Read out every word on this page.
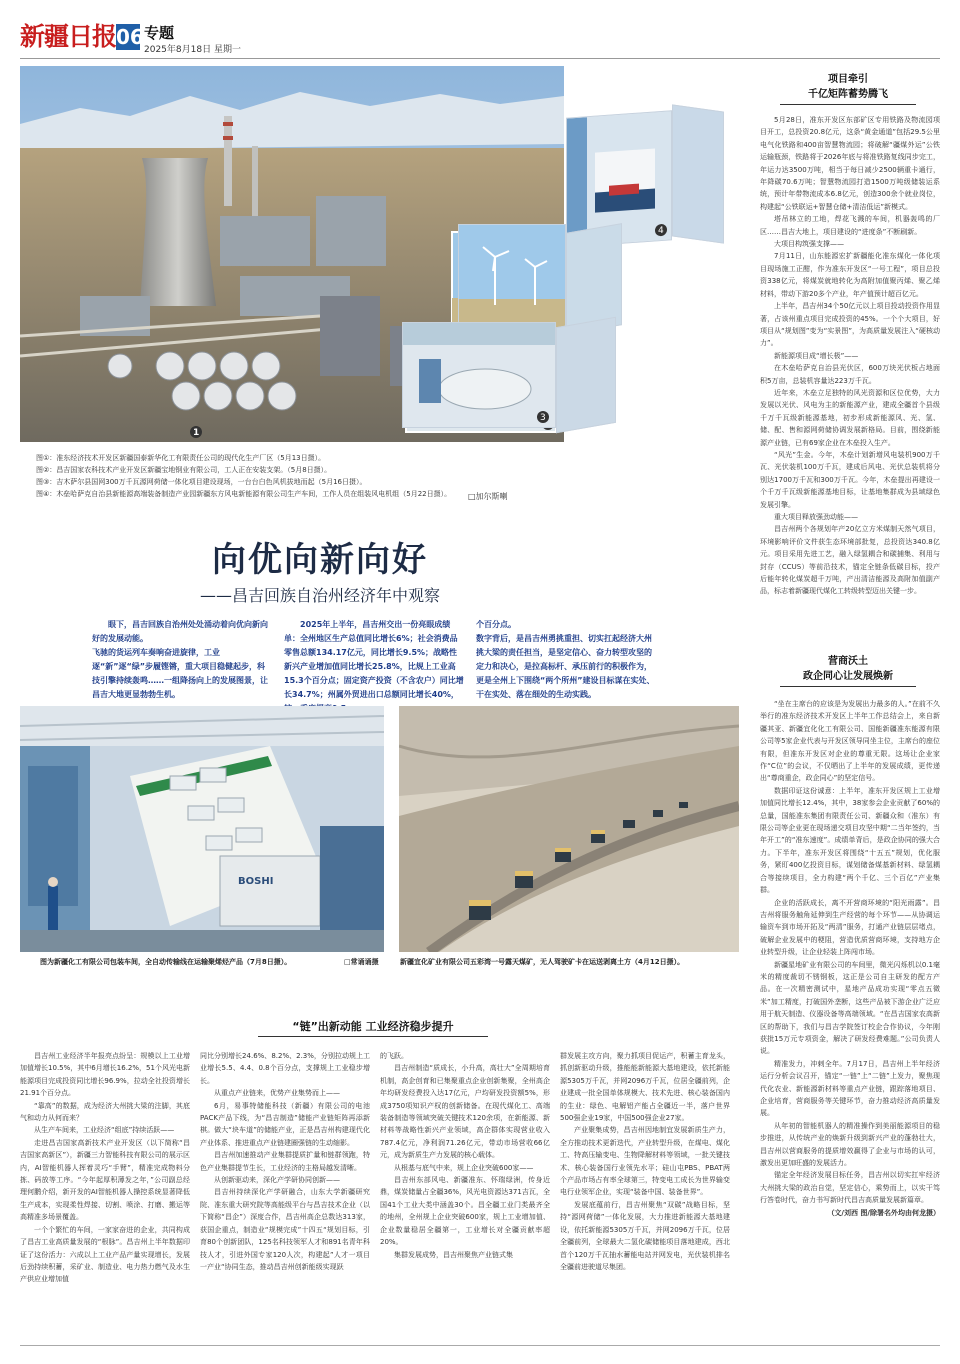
新疆日报 06 专题
2025年8月18日 星期一
1
4
3
图①：准东经济技术开发区新疆国泰新华化工有限责任公司的现代化生产厂区（5月13日摄）。
图②：昌吉国家农科技术产业开发区新疆宝地钢业有限公司，工人正在安装支架。（5月8日摄）。
图③：吉木萨尔县国网300万千瓦源网荷储一体化项目建设现场，一台台白色风机拔地而起（5月16日摄）。
图④：木垒哈萨克自治县新能源高端装备制造产业园新疆东方风电新能源有限公司生产车间，工作人员在组装风电机组（5月22日摄）。	□加尔斯喇
向优向新向好
——昌吉回族自治州经济年中观察

眼下，昌吉回族自治州处处涌动着向优向新向好的发展动能。
飞驰的货运列车奏响奋进旋律，工业逐“新”逐“绿”步履铿锵，重大项目稳健起步，科技引擎持续轰鸣……一组降扬向上的发展图景，让昌吉大地更显勃勃生机。

2025年上半年，昌吉州交出一份亮眼成绩单：全州地区生产总值同比增长6%；社会消费品零售总额134.17亿元，同比增长9.5%；战略性新兴产业增加值同比增长25.8%，比规上工业高15.3个百分点；固定资产投资（不含农户）同比增长34.7%；州属外贸进出口总额同比增长40%，

个百分点。
数字背后，是昌吉州勇挑重担、切实扛起经济大州挑大梁的责任担当，是坚定信心、奋力转型攻坚的定力和决心，是拉高标杆、承压前行的积极作为，更是全州上下围绕“两个所州”建设目标谋在实处、干在实处、落在细处的生动实践。

BOSHI
图为新疆化工有限公司包装车间，全自动传输线在运输聚烯烃产品（7月8日摄）。	□常诵诵摄	新疆宜化矿业有限公司五彩湾一号露天煤矿，无人驾驶矿卡在运送剥离土方（4月12日摄）。
“链”出新动能 工业经济稳步提升

昌吉州工业经济半年报亮点纷呈：规模以上工业增加值增长10.5%，其中6月增长16.2%，51个风光电新能源项目完成投资同比增长96.9%，拉动全社投资增长21.91个百分点。

“靠高”的数据，成为经济大州挑大梁的注脚，其底气和动力从何而来？

从生产车间来，工业经济“组底”持续活跃——

走进昌吉国家高新技术产业开发区（以下简称“昌吉国家高新区”），新疆三力智能科技有限公司的展示区内，AI智能机器人挥着灵巧“手臂”，精准完成物料分拣、码放等工序。“今年起厚积薄发之年，”公司副总经理何鹏介绍，新开发的AI智能机器人操控系统显著降低生产成本，实现柔性焊接、切割、喷涂、打磨、搬运等高精准多场景覆盖。

一个个繁忙的车间，一家家奋进的企业，共同构成了昌吉工业高质量发展的“根脉”。昌吉州上半年数据印证了这份活力：六成以上工业产品产量实现增长，发展后劲持续积蓄，采矿业、制造业、电力热力燃气及水生产供应业增加值

同比分别增长24.6%、8.2%、2.3%，分别拉动规上工业增长5.5、4.4、0.8个百分点，支撑规上工业稳步增长。

从重点产业链来，优势产业集势而上——

6月，易事特储能科技（新疆）有限公司的电池PACK产品下线，为“昌吉制造”储能产业链矩阵再添新棋。做大“块车道”的储能产业，正是昌吉州构建现代化产业体系、推进重点产业链建圈强链的生动缩影。

昌吉州加速推动产业集群提质扩量和链群领跑，特色产业集群提节生长，工业经济的主格局越发清晰。

从创新驱动来，深化产学研协同创新——

昌吉州持续深化产学研融合，山东大学新疆研究院、准东重大研究院等高能级平台与昌吉技术企业（以下简称“昌企”）深度合作，昌吉州高企总数达313家，获国企重点，制造业“规模完成”十四五“规划目标，引育80个创新团队，125名科技领军人才和891名青年科技人才，引进外国专家120人次，构建起”人才一项目一产业“协同生态，推动昌吉州创新能级实现跃

的飞跃。

昌吉州制造“质成长，小升高，高壮大”全周期培育机制，高企创育和已集聚重点企业创新集聚，全州高企年均研发经费投入达17亿元，户均研发投资额5%，形成3750项知识产权的创新储备。在现代煤化工、高端装备制造等领域突破关键技术120余项，在新能源、新材料等战略性新兴产业领域，高企群体实现营业收入787.4亿元，净利润71.26亿元，带动市场营收66亿元，成为新质生产力发展的核心载体。

从根基与底气中来，规上企业突破600家——

昌吉州东部风电、新疆准东、怀瑞绿洲，传身近鼎，煤炭储量占全疆36%，风光电资源达371吉瓦，全国41个工业大类中涵盖30个。昌全疆工业门类最齐全的地州，全州规上企业突破600家，规上工业增加值、企业数量稳居全疆第一，工业增长对全疆贡献率超20%。

集群发展成势，昌吉州聚焦产业链式集

群发展主攻方向，聚力抓项目促运产，积蓄主育龙头，抓创新驱动升级，推能能新能源大基地建设，依托新能源5305万千瓦，并网2096万千瓦，位居全疆前列，企业建成一批全国单体规模大、技术先进、核心装备国内的生业：绿色、电解铝产能占全疆近一半，落户世界500强企业19家，中国500强企业27家。

产业聚集成势，昌吉州因地制宜发展新质生产力，全方推动技术更新迭代，产业转型升级，在煤电、煤化工、特高压输变电、生物降解材料等领域，一批关键技术、核心装备国行业领先水平；硅山屯PBS、PBAT两个产品市场占有率全球第三，特变电工成长为世界输变电行业领军企业，实现“装备中国、装备世界”。

发展底蕴前行，昌吉州聚焦“双碳”战略目标，坚持“源网荷储”一体化发展，大力推进新能源大基地建设，依托新能源5305万千瓦，并网2096万千瓦，位居全疆前列，全球最大二氢化碳储能项目落地建成，西北首个120万千瓦抽水蓄能电站并网发电，光伏装机排名全疆前进驶道尽集团。

项目牵引
千亿矩阵蓄势腾飞

5月28日，准东开发区东部矿区专用铁路及物流园项目开工，总投资20.8亿元，这条“黄金通道”包括29.5公里电气化铁路和400亩智慧物流园；将破解“疆煤外运”公铁运输瓶颈，铁路将于2026年底与将准铁路复线同步完工，年运力达3500万吨，相当于每日减少2500辆重卡通行，年降碳70.6万吨；智慧物流园打造1500万吨级储装运系统，预计年带物流成本6.8亿元，创造300余个就业岗位，构建起“公铁联运+智慧仓储+清洁低运”新模式。

塔吊林立的工地，焊花飞溅的车间，机器轰鸣的厂区……昌吉大地上，项目建设的“进度条”不断刷新。

大项目构筑强支撑——

7月11日，山东能源宏扩新疆能化准东煤化一体化项目现场施工正酣，作为准东开发区“一号工程”，项目总投资338亿元，将煤炭就地转化为高附加值聚丙烯、聚乙烯材料，带动下游20多个产业，年产值预计超百亿元。

上半年，昌吉州34个50亿元以上项目投动投资作用显著，占该州重点项目完成投资的45%。一个个大项目，好项目从“规划图”变为“实景图”，为高质量发展注入“硬核动力”。

新能源项目成“增长极”——

在木垒哈萨克自治县光伏区，600万块光伏板占地面积5万亩，总装机容量达223万千瓦。

近年来，木垒立足独特的风光资源和区位优势，大力发展以光伏、风电为主的新能源产业，建成全疆首个县级千万千瓦级新能源基地，初步形成新能源风、光、氢、储、配、售和源网荷储协调发展新格局。目前，围绕新能源产业链，已有69家企业在木垒投入生产。

“风光”生金。今年，木垒计划新增风电装机900万千瓦、光伏装机100万千瓦，建成后风电、光伏总装机将分别达1700万千瓦和300万千瓦。今年，木垒提出再建设一个千万千瓦级新能源基地目标，让基地集群成为县域绿色发展引擎。

重大项目释放强劲动能——

昌吉州两个各规划年产20亿立方米煤制天然气项目，环境影响评价文件获生态环境部批复，总投资达340.8亿元。项目采用先进工艺，融入绿氢耦合和碳捕集、利用与封存（CCUS）等前沿技术，锚定全链条低碳目标，投产后能年转化煤炭超千万吨，产出清洁能源及高附加值副产品，标志着新疆现代煤化工转级转型迈出关键一步。

营商沃土
政企同心让发展焕新

“坐在主席台的应该是为发展出力最多的人。”在前不久举行的准东经济技术开发区上半年工作总结会上，来自新疆其亚、新疆宜化化工有限公司、国能新疆准东能源有限公司等5家企业代表与开发区领导同坐主位，主席台的座位有限，但准东开发区对企业的尊重无限。这场让企业家作“C位”的会议，不仅晒出了上半年的发展成绩，更传递出“尊商重企，政企同心”的坚定信号。

数据印证这份诚意：上半年，准东开发区规上工业增加值同比增长12.4%，其中，38家参会企业贡献了60%的总量，国能准东集团有限责任公司、新疆众和（准东）有限公司等企业更在现场递交项目攻坚中期“二当年签约，当年开工”的“准东速度”。成绩单背后，是政企协同的强大合力。下半年，准东开发区将围绕“十五五”规划，优化服务，紧盯400亿投资目标，谋划储备煤基新材料、绿氢耦合等接续项目，全力构建“两个千亿、三个百亿”产业集群。

企业的活跃成长，离不开营商环境的“阳光雨露”。昌吉州将服务触角延伸到生产经营的每个环节——从协调运输资车到市场开拓及“两清”服务，打通产业链层层堵点，破解企业发展中的梗阻，营造优质营商环境，支持地方企业转型升级，让企业轻装上阵闯市场。

新疆星地矿业有限公司的车间里，微光闪烁机以0.1毫米的精度裁切不锈钢板，这正是公司自主研发的配方产品。在一次精密测试中，星地产品成功实现“零点五微米”加工精度，打破国外垄断，这些产品被下游企业广泛应用于航天制造、仪器设备等高端领域。“在昌吉国家农高新区的帮助下，我们与昌吉学院签订校企合作协议，今年刚获批15万元专项资金，解决了研发经费难题。”公司负责人说。

精准发力，冲刺全年。7月17日，昌吉州上半年经济运行分析会议召开，锚定“一链”上“二链”上发力，聚焦现代化农业、新能源新材料等重点产业链，跟踪落地项目、企业培育，营商服务等关键环节，奋力推动经济高质量发展。

从年初的智能机器人的精准操作到美丽能源项目的稳步推进，从传统产业的焕新升级到新兴产业的蓬勃壮大，昌吉州以营商服务的提质增效赢得了企业与市场的认可，激发出更加旺盛的发展活力。

锚定全年经济发展目标任务，昌吉州以切实扛牢经济大州挑大梁的政治自觉，坚定信心，乘势而上，以实干笃行答卷时代，奋力书写新时代昌吉高质量发展新篇章。

（文/刘西 图/除署名外均由何龙摄）
